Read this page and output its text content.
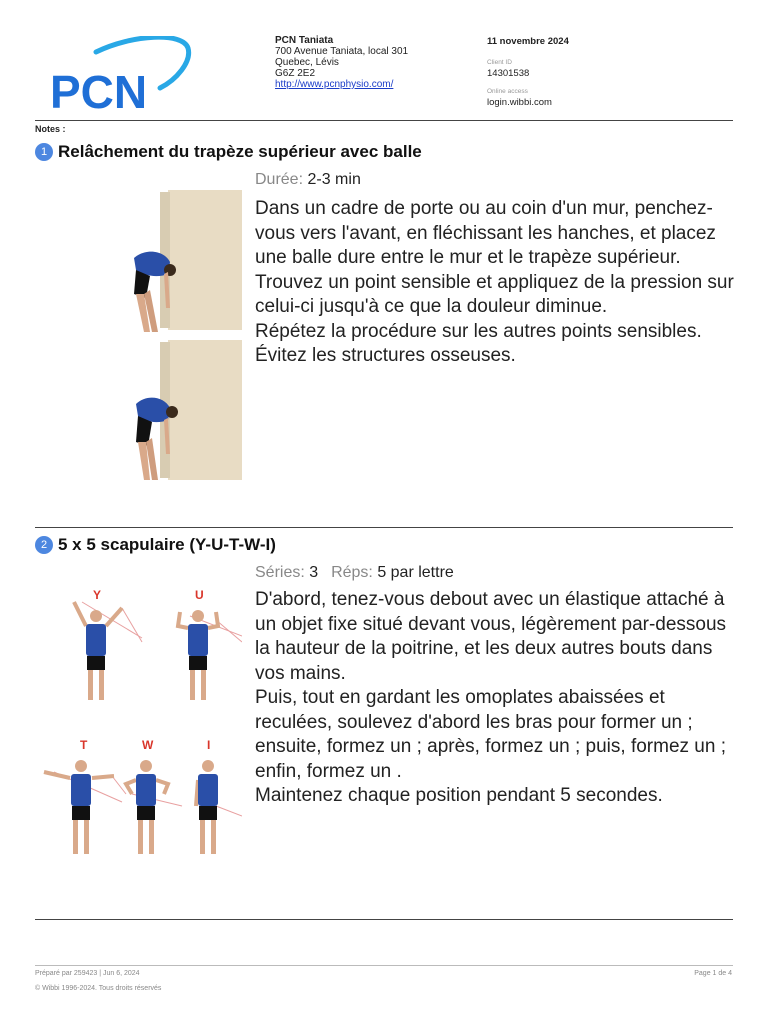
PCN
PCN Taniata
700 Avenue Taniata, local 301
Quebec, Lévis
G6Z 2E2
http://www.pcnphysio.com/
11 novembre 2024
Client ID
14301538
Online access
login.wibbi.com
Notes :
1 Relâchement du trapèze supérieur avec balle
Durée: 2-3 min
Dans un cadre de porte ou au coin d'un mur, penchez-vous vers l'avant, en fléchissant les hanches, et placez une balle dure entre le mur et le trapèze supérieur.
Trouvez un point sensible et appliquez de la pression sur celui-ci jusqu'à ce que la douleur diminue.
Répétez la procédure sur les autres points sensibles.
Évitez les structures osseuses.
2 5 x 5 scapulaire (Y-U-T-W-I)
Y	U
T	W	I
Séries: 3 Réps: 5 par lettre
D'abord, tenez-vous debout avec un élastique attaché à un objet fixe situé devant vous, légèrement par-dessous la hauteur de la poitrine, et les deux autres bouts dans vos mains.
Puis, tout en gardant les omoplates abaissées et reculées, soulevez d'abord les bras pour former un ; ensuite, formez un ; après, formez un ; puis, formez un ; enfin, formez un .
Maintenez chaque position pendant 5 secondes.
Préparé par 259423 | Jun 6, 2024
© Wibbi 1996-2024. Tous droits réservés
Page 1 de 4
